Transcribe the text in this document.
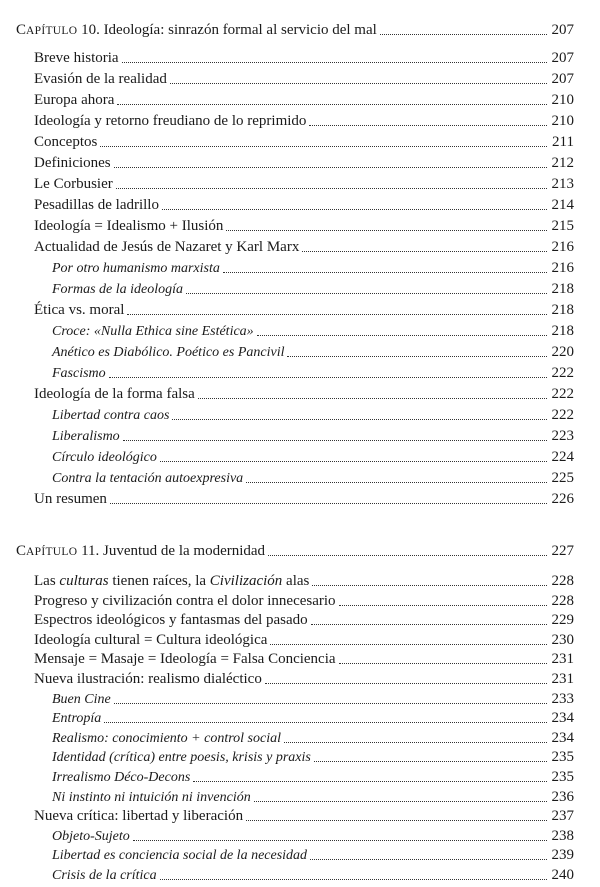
CAPÍTULO 10. Ideología: sinrazón formal al servicio del mal	207
Breve historia	207
Evasión de la realidad	207
Europa ahora	210
Ideología y retorno freudiano de lo reprimido	210
Conceptos	211
Definiciones	212
Le Corbusier	213
Pesadillas de ladrillo	214
Ideología = Idealismo + Ilusión	215
Actualidad de Jesús de Nazaret y Karl Marx	216
Por otro humanismo marxista	216
Formas de la ideología	218
Ética vs. moral	218
Croce: «Nulla Ethica sine Estética»	218
Anético es Diabólico. Poético es Pancivil	220
Fascismo	222
Ideología de la forma falsa	222
Libertad contra caos	222
Liberalismo	223
Círculo ideológico	224
Contra la tentación autoexpresiva	225
Un resumen	226
CAPÍTULO 11. Juventud de la modernidad	227
Las culturas tienen raíces, la Civilización alas	228
Progreso y civilización contra el dolor innecesario	228
Espectros ideológicos y fantasmas del pasado	229
Ideología cultural = Cultura ideológica	230
Mensaje = Masaje = Ideología = Falsa Conciencia	231
Nueva ilustración: realismo dialéctico	231
Buen Cine	233
Entropía	234
Realismo: conocimiento + control social	234
Identidad (crítica) entre poesis, krisis y praxis	235
Irrealismo Déco-Decons	235
Ni instinto ni intuición ni invención	236
Nueva crítica: libertad y liberación	237
Objeto-Sujeto	238
Libertad es conciencia social de la necesidad	239
Crisis de la crítica	240
